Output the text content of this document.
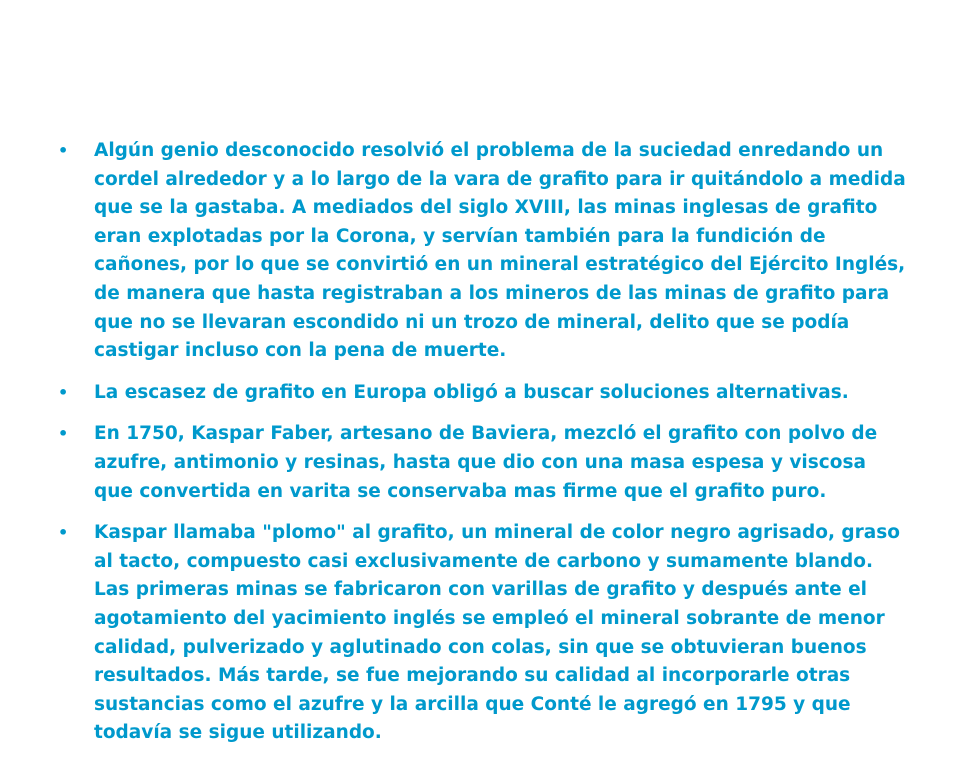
• Algún genio desconocido resolvió el problema de la suciedad enredando un cordel alrededor y a lo largo de la vara de grafito para ir quitándolo a medida que se la gastaba. A mediados del siglo XVIII, las minas inglesas de grafito eran explotadas por la Corona, y servían también para la fundición de cañones, por lo que se convirtió en un mineral estratégico del Ejército Inglés, de manera que hasta registraban a los mineros de las minas de grafito para que no se llevaran escondido ni un trozo de mineral, delito que se podía castigar incluso con la pena de muerte.
• La escasez de grafito en Europa obligó a buscar soluciones alternativas.
• En 1750, Kaspar Faber, artesano de Baviera, mezcló el grafito con polvo de azufre, antimonio y resinas, hasta que dio con una masa espesa y viscosa que convertida en varita se conservaba mas firme que el grafito puro.
• Kaspar llamaba "plomo" al grafito, un mineral de color negro agrisado, graso al tacto, compuesto casi exclusivamente de carbono y sumamente blando. Las primeras minas se fabricaron con varillas de grafito y después ante el agotamiento del yacimiento inglés se empleó el mineral sobrante de menor calidad, pulverizado y aglutinado con colas, sin que se obtuvieran buenos resultados. Más tarde, se fue mejorando su calidad al incorporarle otras sustancias como el azufre y la arcilla que Conté le agregó en 1795 y que todavía se sigue utilizando.
